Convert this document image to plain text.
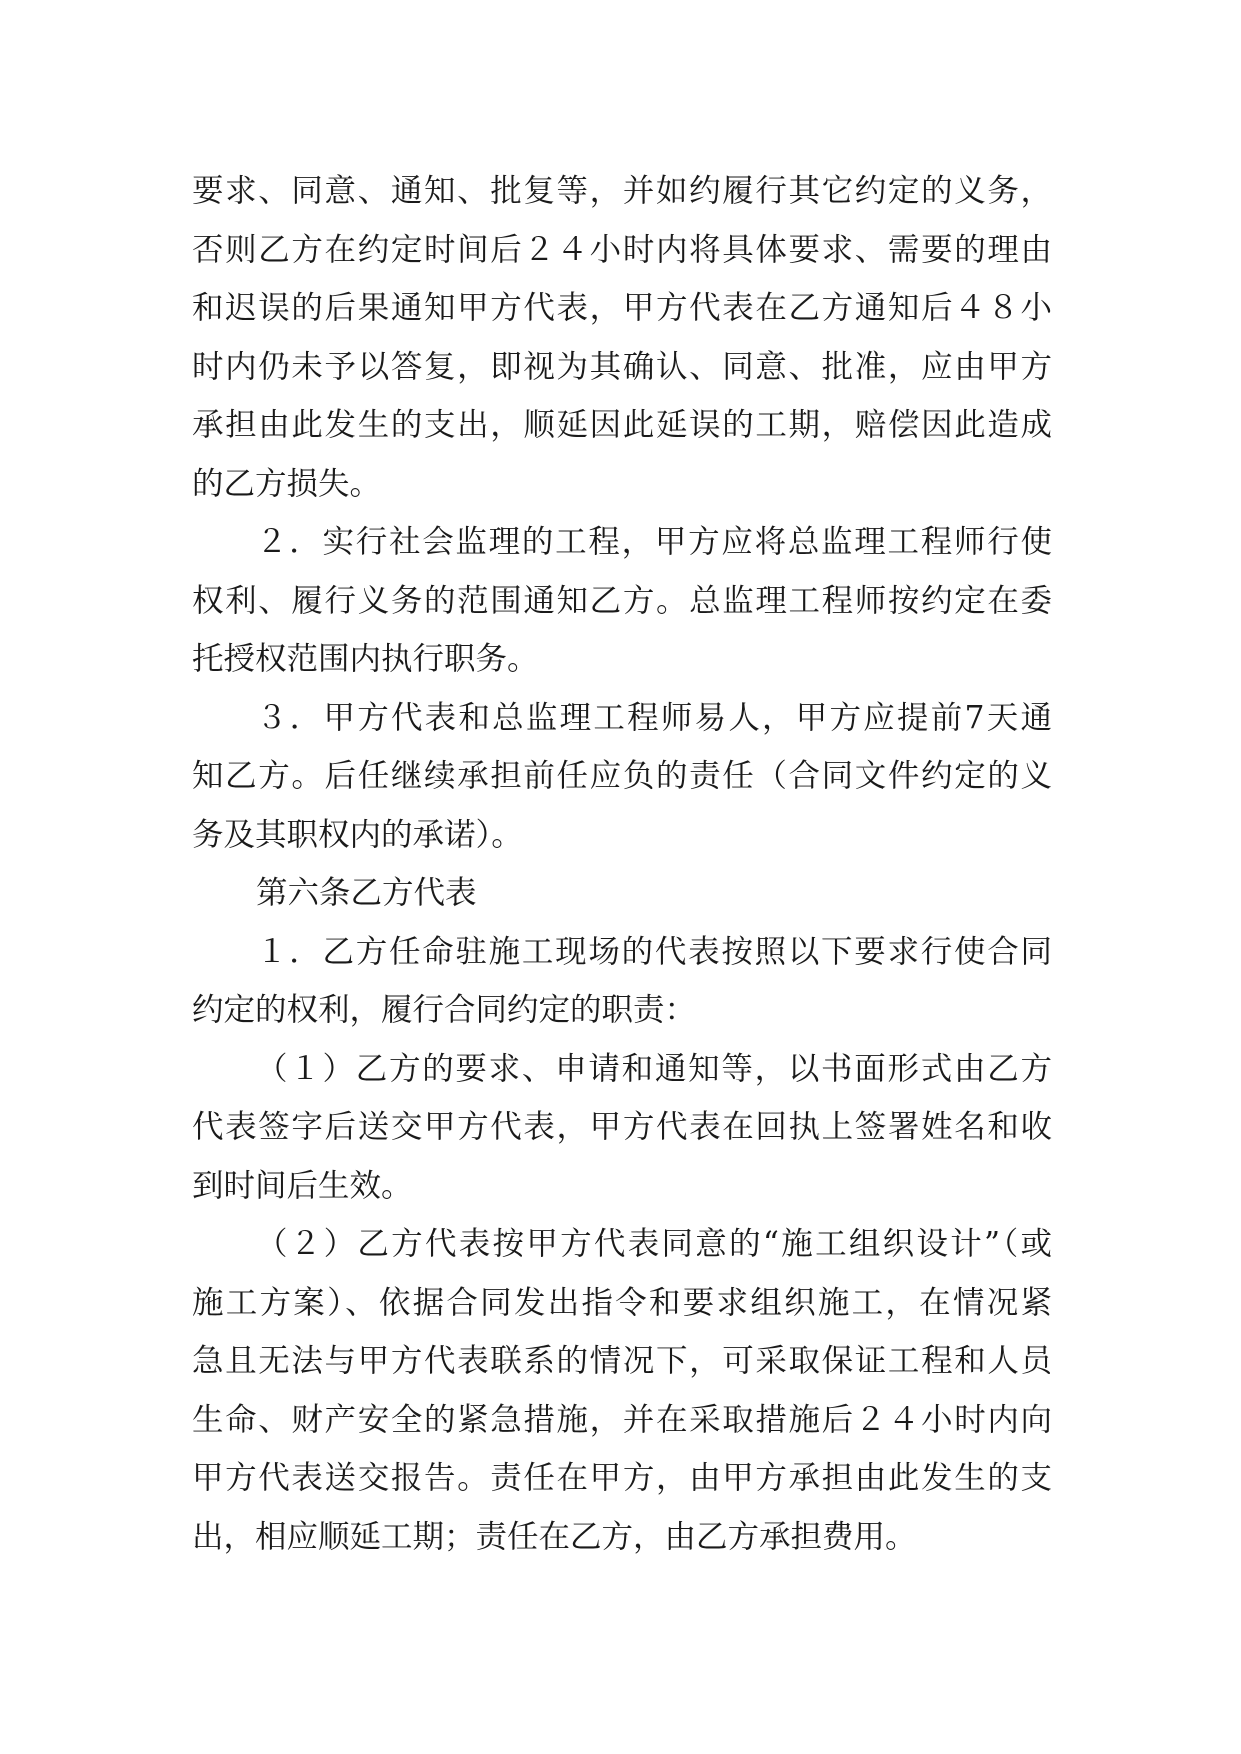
要求、同意、通知、批复等，并如约履行其它约定的义务，
否则乙方在约定时间后２４小时内将具体要求、需要的理由
和迟误的后果通知甲方代表，甲方代表在乙方通知后４８小
时内仍未予以答复，即视为其确认、同意、批准，应由甲方
承担由此发生的支出，顺延因此延误的工期，赔偿因此造成
的乙方损失。
２．实行社会监理的工程，甲方应将总监理工程师行使
权利、履行义务的范围通知乙方。总监理工程师按约定在委
托授权范围内执行职务。
３．甲方代表和总监理工程师易人，甲方应提前7天通
知乙方。后任继续承担前任应负的责任（合同文件约定的义
务及其职权内的承诺）。
第六条乙方代表
１．乙方任命驻施工现场的代表按照以下要求行使合同
约定的权利，履行合同约定的职责：
（１）乙方的要求、申请和通知等，以书面形式由乙方
代表签字后送交甲方代表，甲方代表在回执上签署姓名和收
到时间后生效。
（２）乙方代表按甲方代表同意的“施工组织设计”（或
施工方案）、依据合同发出指令和要求组织施工，在情况紧
急且无法与甲方代表联系的情况下，可采取保证工程和人员
生命、财产安全的紧急措施，并在采取措施后２４小时内向
甲方代表送交报告。责任在甲方，由甲方承担由此发生的支
出，相应顺延工期；责任在乙方，由乙方承担费用。
